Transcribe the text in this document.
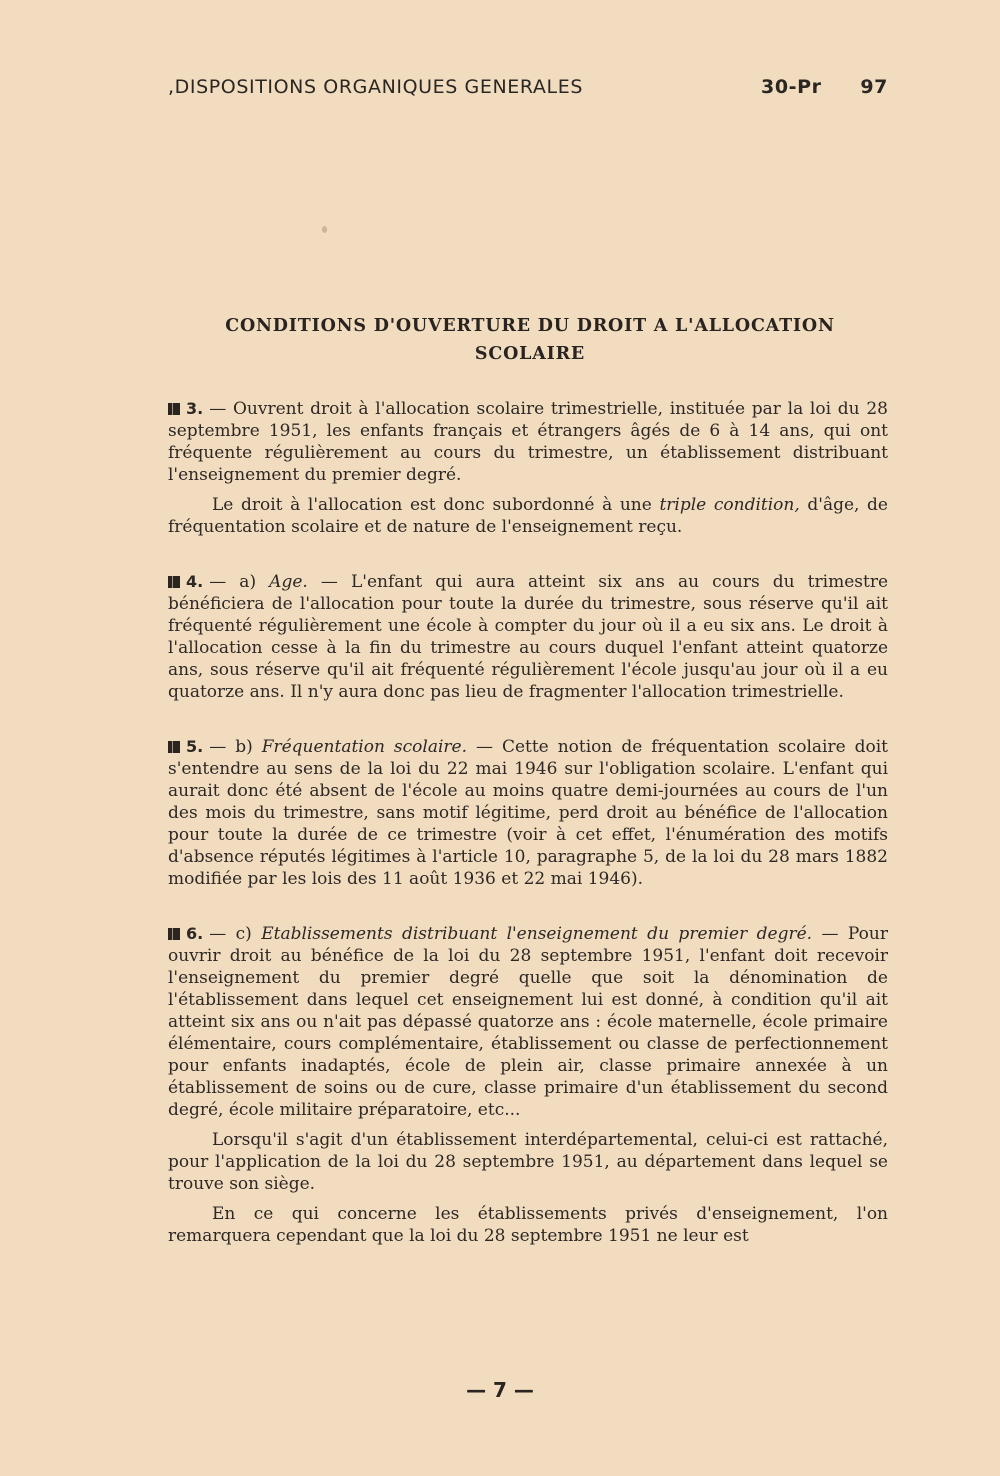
,DISPOSITIONS ORGANIQUES GENERALES	30-Pr 97
CONDITIONS D'OUVERTURE DU DROIT A L'ALLOCATION
SCOLAIRE

3. — Ouvrent droit à l'allocation scolaire trimestrielle, instituée par la loi du 28 septembre 1951, les enfants français et étrangers âgés de 6 à 14 ans, qui ont fréquente régulièrement au cours du trimestre, un établissement distribuant l'enseignement du premier degré.

Le droit à l'allocation est donc subordonné à une triple condition, d'âge, de fréquentation scolaire et de nature de l'enseignement reçu.

4. — a) Age. — L'enfant qui aura atteint six ans au cours du trimestre bénéficiera de l'allocation pour toute la durée du trimestre, sous réserve qu'il ait fréquenté régulièrement une école à compter du jour où il a eu six ans. Le droit à l'allocation cesse à la fin du trimestre au cours duquel l'enfant atteint quatorze ans, sous réserve qu'il ait fréquenté régulièrement l'école jusqu'au jour où il a eu quatorze ans. Il n'y aura donc pas lieu de fragmenter l'allocation trimestrielle.

5. — b) Fréquentation scolaire. — Cette notion de fréquentation scolaire doit s'entendre au sens de la loi du 22 mai 1946 sur l'obligation scolaire. L'enfant qui aurait donc été absent de l'école au moins quatre demi-journées au cours de l'un des mois du trimestre, sans motif légitime, perd droit au bénéfice de l'allocation pour toute la durée de ce trimestre (voir à cet effet, l'énumération des motifs d'absence réputés légitimes à l'article 10, paragraphe 5, de la loi du 28 mars 1882 modifiée par les lois des 11 août 1936 et 22 mai 1946).

6. — c) Etablissements distribuant l'enseignement du premier degré. — Pour ouvrir droit au bénéfice de la loi du 28 septembre 1951, l'enfant doit recevoir l'enseignement du premier degré quelle que soit la dénomination de l'établissement dans lequel cet enseignement lui est donné, à condition qu'il ait atteint six ans ou n'ait pas dépassé quatorze ans : école maternelle, école primaire élémentaire, cours complémentaire, établissement ou classe de perfectionnement pour enfants inadaptés, école de plein air, classe primaire annexée à un établissement de soins ou de cure, classe primaire d'un établissement du second degré, école militaire préparatoire, etc...

Lorsqu'il s'agit d'un établissement interdépartemental, celui-ci est rattaché, pour l'application de la loi du 28 septembre 1951, au département dans lequel se trouve son siège.

En ce qui concerne les établissements privés d'enseignement, l'on remarquera cependant que la loi du 28 septembre 1951 ne leur est

— 7 —
